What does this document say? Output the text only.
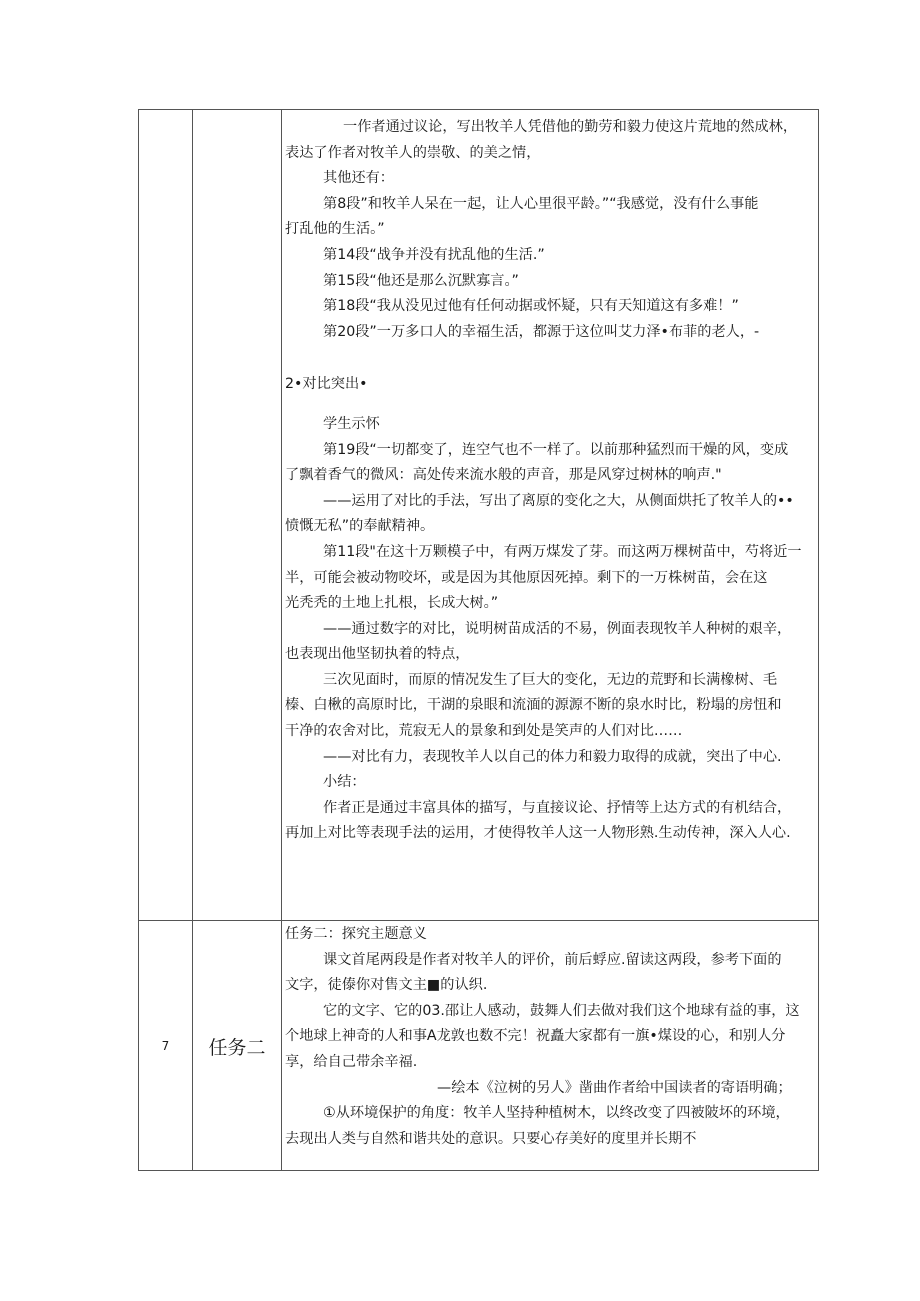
7	任务二

一作者通过议论，写出牧羊人凭借他的勤劳和毅力使这片荒地的然成林，

表达了作者对牧羊人的崇敬、的美之情，

其他还有：

第8段”和牧羊人呆在一起，让人心里很平龄。”“我感觉，没有什么事能

打乱他的生活。”

第14段“战争并没有扰乱他的生活.”

第15段“他还是那么沉默寡言。”

第18段“我从没见过他有任何动据或怀疑，只有天知道这有多难！”

第20段”一万多口人的幸福生活，都源于这位叫艾力泽•布菲的老人，-

2•对比突出•

学生示怀

第19段“一切都变了，连空气也不一样了。以前那种猛烈而干燥的风，变成

了飘着香气的微风：高处传来流水般的声音，那是风穿过树林的响声."

——运用了对比的手法，写出了离原的变化之大，从侧面烘托了牧羊人的••

愤慨无私”的奉献精神。

第11段"在这十万颗模子中，有两万煤发了芽。而这两万棵树苗中，芍将近一

半，可能会被动物咬坏，或是因为其他原因死掉。剩下的一万株树苗，会在这

光秃秃的土地上扎根，长成大树。”

——通过数字的对比，说明树苗成活的不易，例面表现牧羊人种树的艰辛，

也表现出他坚韧执着的特点，

三次见面时，而原的情况发生了巨大的变化，无边的荒野和长满橡树、毛

榛、白楸的高原时比，干湖的泉眼和流湎的源源不断的泉水时比，粉塌的房忸和

干净的农舍对比，荒寂无人的景象和到处是笑声的人们对比……

——对比有力，表现牧羊人以自己的体力和毅力取得的成就，突出了中心.

小结：

作者正是通过丰富具体的描写，与直接议论、抒情等上达方式的有机结合，

再加上对比等表现手法的运用，才使得牧羊人这一人物形熟.生动传神，深入人心.

任务二：探究主题意义

课文首尾两段是作者对牧羊人的评价，前后蜉应.留读这两段，参考下面的

文字，徒傣你对售文主■的认织.

它的文字、它的03.邵让人感动，鼓舞人们去做对我们这个地球有益的事，这

个地球上神奇的人和事A龙敦也数不完！祝矗大家都有一旗•煤设的心，和别人分

享，给自己带余辛福.

—绘本《泣树的另人》凿曲作者给中国读者的寄语明确；

①从环境保护的角度：牧羊人坚持种植树木，以终改变了四被陂坏的环境，

去现出人类与自然和谐共处的意识。只要心存美好的度里并长期不
